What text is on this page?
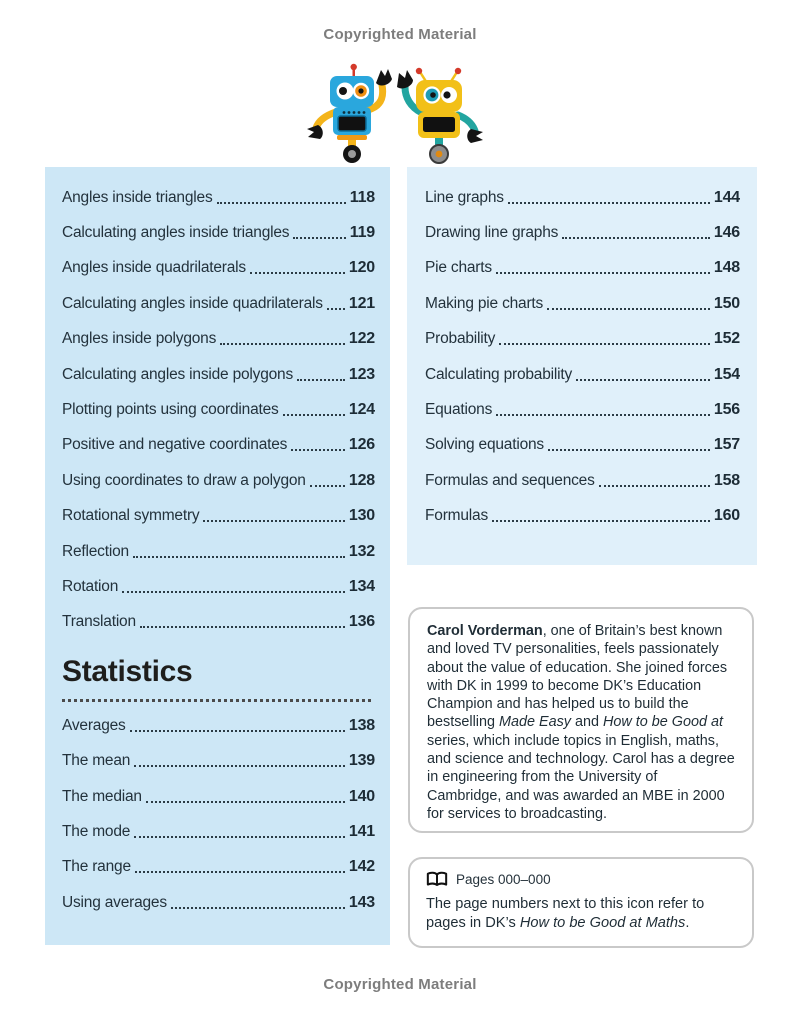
Copyrighted Material
Angles inside triangles	118
Calculating angles inside triangles	119
Angles inside quadrilaterals	120
Calculating angles inside quadrilaterals 121
Angles inside polygons	122
Calculating angles inside polygons	123
Plotting points using coordinates	124
Positive and negative coordinates	126
Using coordinates to draw a polygon	128
Rotational symmetry	130
Reflection	132
Rotation	134
Translation	136
Statistics
Averages	138
The mean	139
The median	140
The mode	141
The range	142
Using averages	143
Line graphs	144
Drawing line graphs	146
Pie charts	148
Making pie charts	150
Probability	152
Calculating probability	154
Equations	156
Solving equations	157
Formulas and sequences	158
Formulas	160

Carol Vorderman, one of Britain’s best known and loved TV personalities, feels passionately about the value of education. She joined forces with DK in 1999 to become DK’s Education Champion and has helped us to build the bestselling Made Easy and How to be Good at series, which include topics in English, maths, and science and technology. Carol has a degree in engineering from the University of Cambridge, and was awarded an MBE in 2000 for services to broadcasting.

Pages 000–000

The page numbers next to this icon refer to pages in DK’s How to be Good at Maths.

Copyrighted Material
